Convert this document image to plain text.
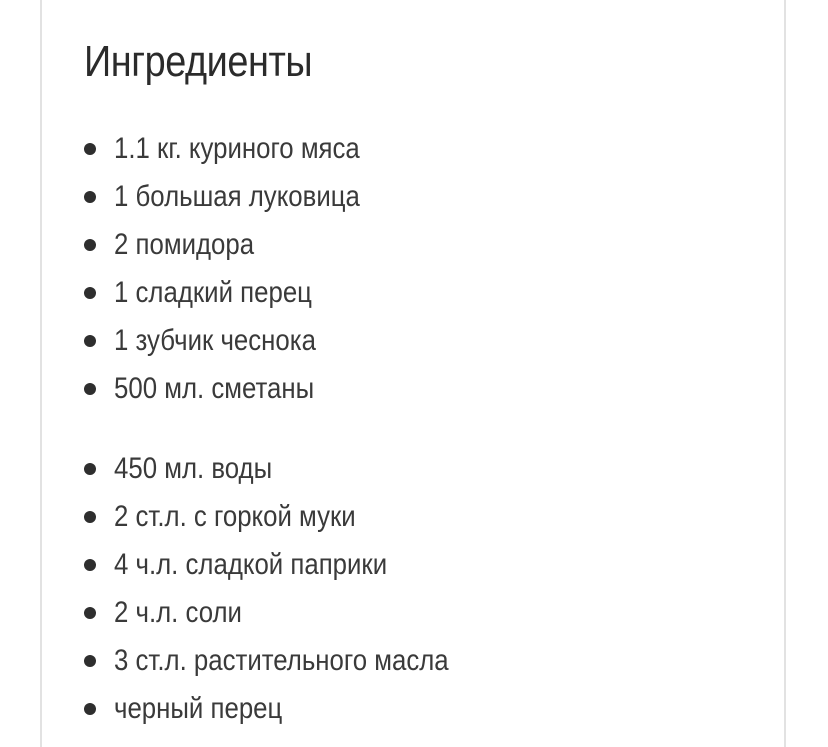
Ингредиенты
1.1 кг. куриного мяса
1 большая луковица
2 помидора
1 сладкий перец
1 зубчик чеснока
500 мл. сметаны
450 мл. воды
2 ст.л. с горкой муки
4 ч.л. сладкой паприки
2 ч.л. соли
3 ст.л. растительного масла
черный перец
